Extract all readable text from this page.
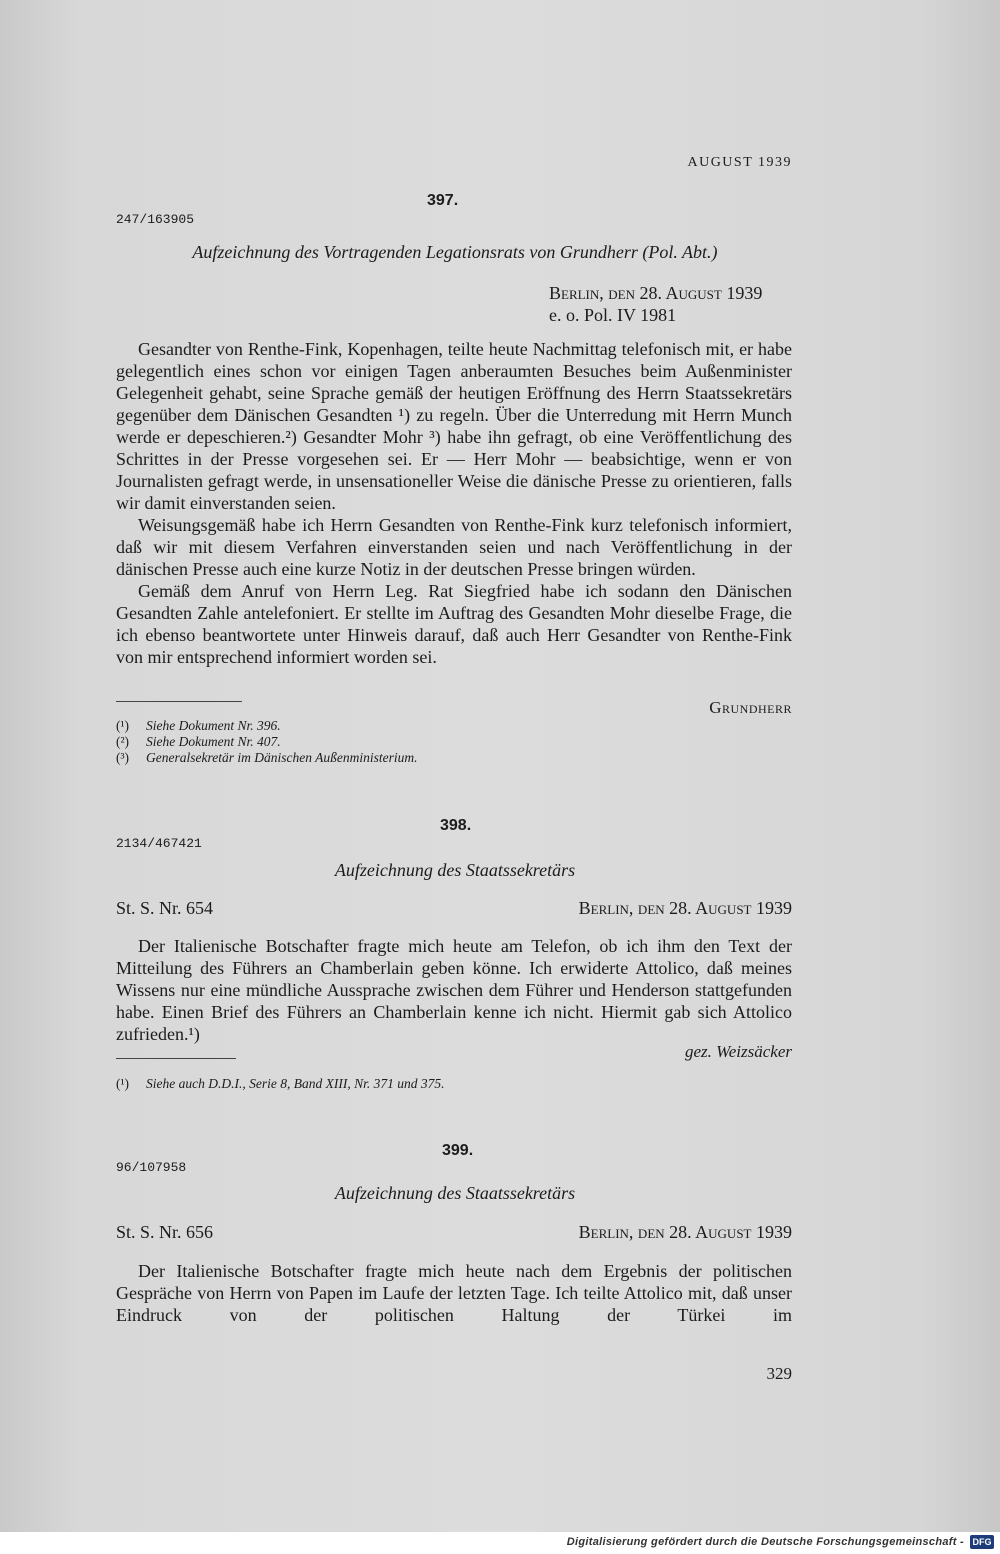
AUGUST 1939
397.
247/163905
Aufzeichnung des Vortragenden Legationsrats von Grundherr (Pol. Abt.)
Berlin, den 28. August 1939
e. o. Pol. IV 1981

Gesandter von Renthe-Fink, Kopenhagen, teilte heute Nachmittag telefonisch mit, er habe gelegentlich eines schon vor einigen Tagen anberaumten Besuches beim Außenminister Gelegenheit gehabt, seine Sprache gemäß der heutigen Eröffnung des Herrn Staatssekretärs gegenüber dem Dänischen Gesandten ¹) zu regeln. Über die Unterredung mit Herrn Munch werde er depeschieren.²) Gesandter Mohr ³) habe ihn gefragt, ob eine Veröffentlichung des Schrittes in der Presse vorgesehen sei. Er — Herr Mohr — beabsichtige, wenn er von Journalisten gefragt werde, in unsensationeller Weise die dänische Presse zu orientieren, falls wir damit einverstanden seien.

Weisungsgemäß habe ich Herrn Gesandten von Renthe-Fink kurz telefonisch informiert, daß wir mit diesem Verfahren einverstanden seien und nach Veröffentlichung in der dänischen Presse auch eine kurze Notiz in der deutschen Presse bringen würden.

Gemäß dem Anruf von Herrn Leg. Rat Siegfried habe ich sodann den Dänischen Gesandten Zahle antelefoniert. Er stellte im Auftrag des Gesandten Mohr dieselbe Frage, die ich ebenso beantwortete unter Hinweis darauf, daß auch Herr Gesandter von Renthe-Fink von mir entsprechend informiert worden sei.

Grundherr
(¹)	Siehe Dokument Nr. 396.
(²)	Siehe Dokument Nr. 407.
(³)	Generalsekretär im Dänischen Außenministerium.
398.
2134/467421
Aufzeichnung des Staatssekretärs
St. S. Nr. 654	Berlin, den 28. August 1939

Der Italienische Botschafter fragte mich heute am Telefon, ob ich ihm den Text der Mitteilung des Führers an Chamberlain geben könne. Ich erwiderte Attolico, daß meines Wissens nur eine mündliche Aussprache zwischen dem Führer und Henderson stattgefunden habe. Einen Brief des Führers an Chamberlain kenne ich nicht. Hiermit gab sich Attolico zufrieden.¹)

gez. Weizsäcker
(¹)	Siehe auch D.D.I., Serie 8, Band XIII, Nr. 371 und 375.
399.
96/107958
Aufzeichnung des Staatssekretärs
St. S. Nr. 656	Berlin, den 28. August 1939

Der Italienische Botschafter fragte mich heute nach dem Ergebnis der politischen Gespräche von Herrn von Papen im Laufe der letzten Tage. Ich teilte Attolico mit, daß unser Eindruck von der politischen Haltung der Türkei im

329
Digitalisierung gefördert durch die Deutsche Forschungsgemeinschaft - DFG
